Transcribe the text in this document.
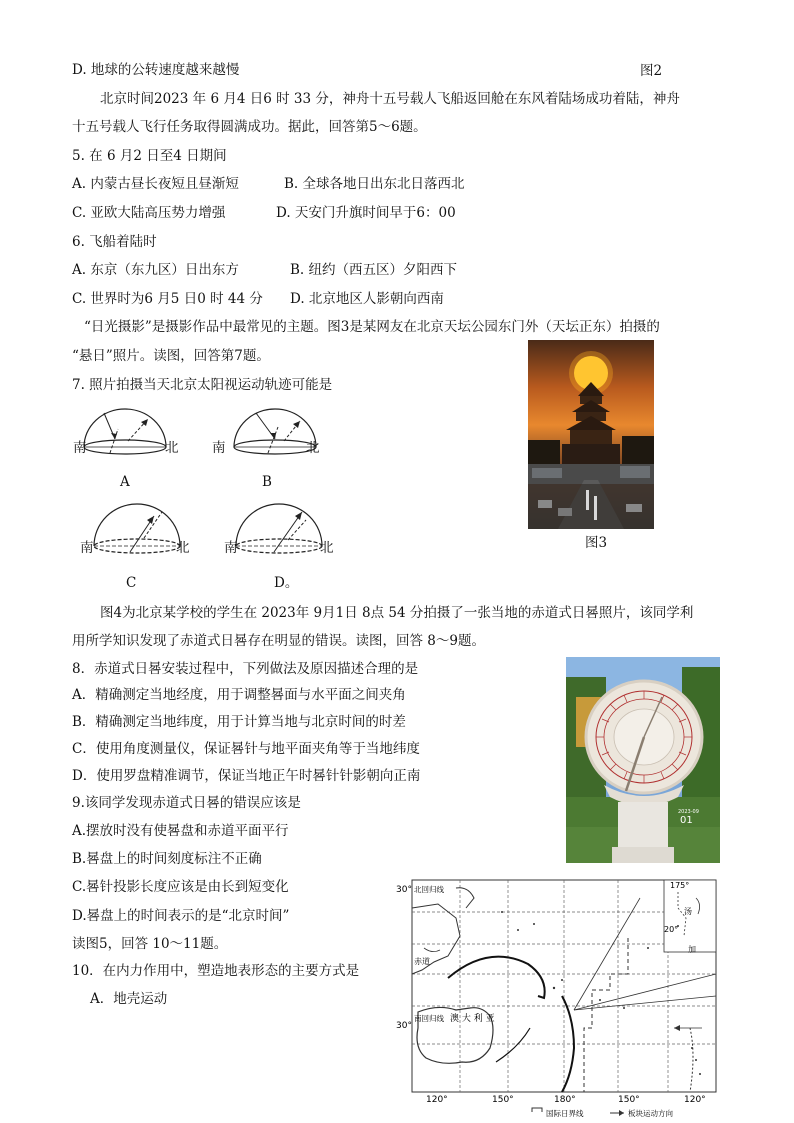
D. 地球的公转速度越来越慢	图2
北京时间2023 年 6 月4 日6 时 33 分，神舟十五号载人飞船返回舱在东风着陆场成功着陆，神舟
十五号载人飞行任务取得圆满成功。据此，回答第5～6题。
5. 在 6 月2 日至4 日期间
A. 内蒙古昼长夜短且昼渐短	B. 全球各地日出东北日落西北
C. 亚欧大陆高压势力增强	D. 天安门升旗时间早于6：00
6. 飞船着陆时
A. 东京（东九区）日出东方	B. 纽约（西五区）夕阳西下
C. 世界时为6 月5 日0 时 44 分 D. 北京地区人影朝向西南
“日光摄影”是摄影作品中最常见的主题。图3是某网友在北京天坛公园东门外（天坛正东）拍摄的
“悬日”照片。读图，回答第7题。
7. 照片拍摄当天北京太阳视运动轨迹可能是
南	北 南	北
南	北	南	北
A	B
C	D。
图3
图4为北京某学校的学生在 2023年 9月1日 8点 54 分拍摄了一张当地的赤道式日晷照片，该同学利
用所学知识发现了赤道式日晷存在明显的错误。读图，回答 8～9题。
8．赤道式日晷安装过程中，下列做法及原因描述合理的是
A．精确测定当地经度，用于调整晷面与水平面之间夹角
B．精确测定当地纬度，用于计算当地与北京时间的时差
C．使用角度测量仪，保证晷针与地平面夹角等于当地纬度
D．使用罗盘精准调节，保证当地正午时晷针针影朝向正南
9.该同学发现赤道式日晷的错误应该是
A.摆放时没有使晷盘和赤道平面平行
B.晷盘上的时间刻度标注不正确
C.晷针投影长度应该是由长到短变化
D.晷盘上的时间表示的是“北京时间”
读图5，回答 10～11题。
10．在内力作用中，塑造地表形态的主要方式是
A．地壳运动
2023-09
01
30°
30°
北回归线
赤道
南回归线 澳 大 利 亚
175°
20°
汤
加
120°	150°	180°	150°	120°
国际日界线	板块运动方向
